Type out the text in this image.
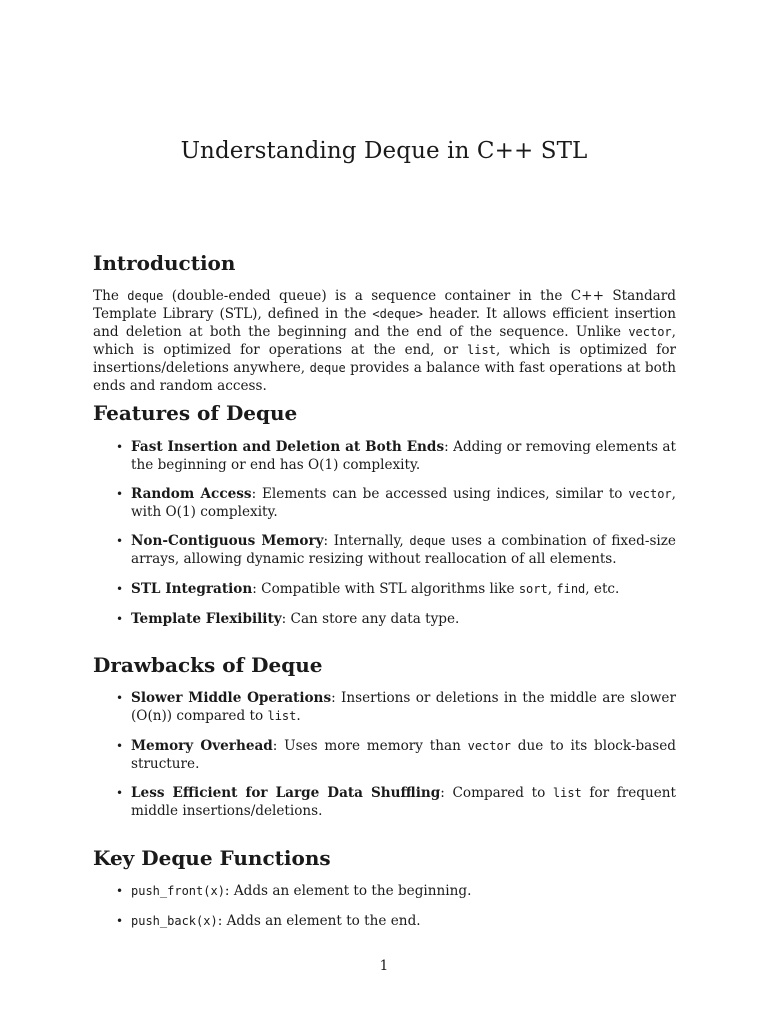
Understanding Deque in C++ STL
Introduction

The deque (double-ended queue) is a sequence container in the C++ Standard Template Library (STL), defined in the <deque> header. It allows efficient insertion and deletion at both the beginning and the end of the sequence. Unlike vector, which is optimized for operations at the end, or list, which is optimized for insertions/deletions anywhere, deque provides a balance with fast operations at both ends and random access.

Features of Deque
• Fast Insertion and Deletion at Both Ends: Adding or removing elements at the beginning or end has O(1) complexity.
• Random Access: Elements can be accessed using indices, similar to vector, with O(1) complexity.
• Non-Contiguous Memory: Internally, deque uses a combination of fixed-size arrays, allowing dynamic resizing without reallocation of all elements.
• STL Integration: Compatible with STL algorithms like sort, find, etc.
• Template Flexibility: Can store any data type.
Drawbacks of Deque
• Slower Middle Operations: Insertions or deletions in the middle are slower (O(n)) compared to list.
• Memory Overhead: Uses more memory than vector due to its block-based structure.
• Less Efficient for Large Data Shuffling: Compared to list for frequent middle insertions/deletions.
Key Deque Functions
• push_front(x): Adds an element to the beginning.
• push_back(x): Adds an element to the end.
1
